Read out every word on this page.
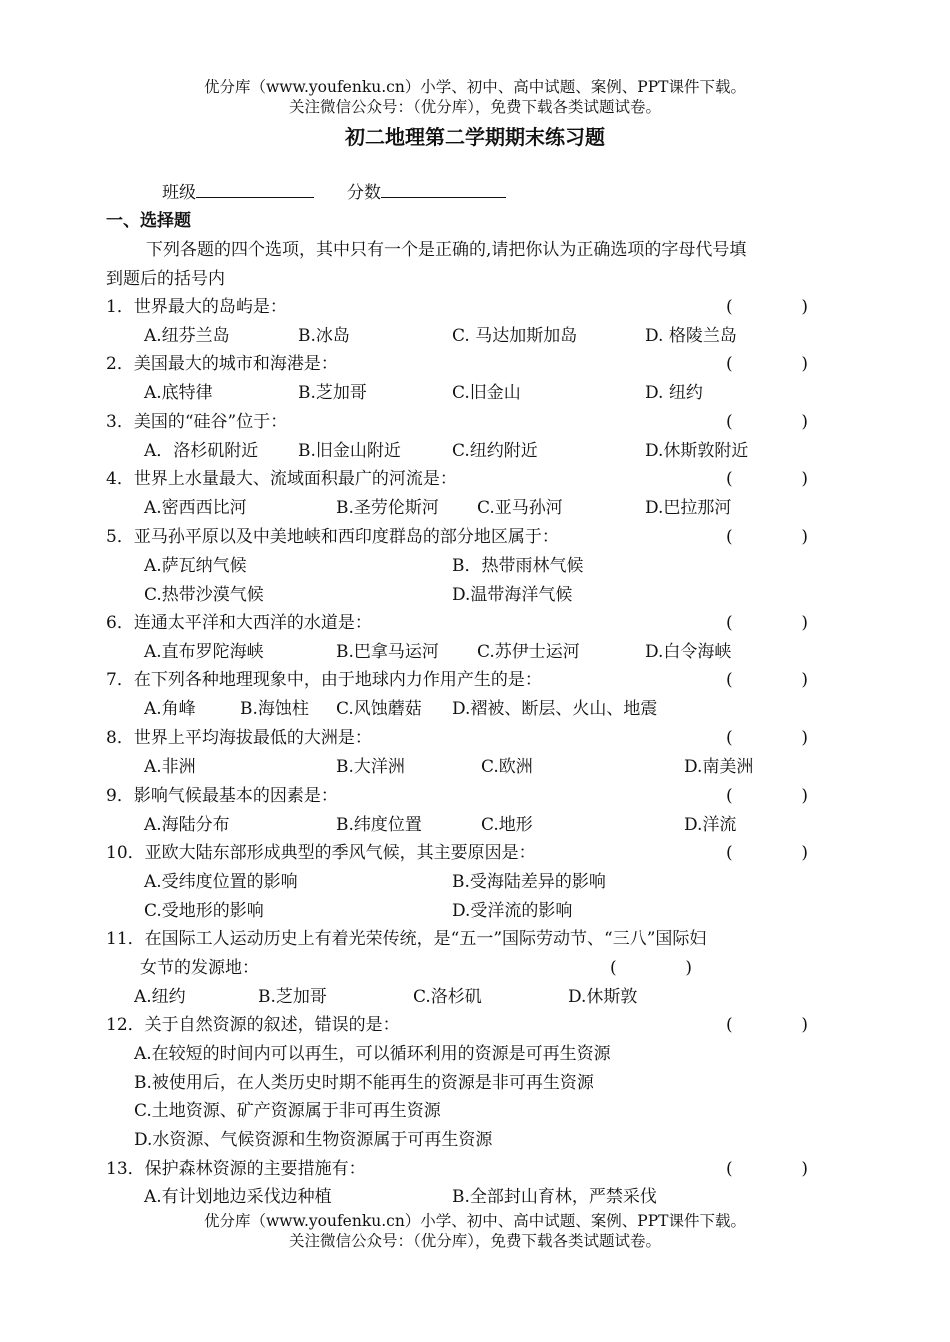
优分库（www.youfenku.cn）小学、初中、高中试题、案例、PPT课件下载。
关注微信公众号：（优分库），免费下载各类试题试卷。
初二地理第二学期期末练习题
班级	分数
一、选择题
下列各题的四个选项，其中只有一个是正确的,请把你认为正确选项的字母代号填
到题后的括号内
1．世界最大的岛屿是：	(	)
A.纽芬兰岛	B.冰岛	C. 马达加斯加岛	D. 格陵兰岛
2．美国最大的城市和海港是：	(	)
A.底特律	B.芝加哥	C.旧金山	D. 纽约
3．美国的“硅谷”位于：	(	)
A．洛杉矶附近 B.旧金山附近	C.纽约附近	D.休斯敦附近
4．世界上水量最大、流域面积最广的河流是：	(	)
A.密西西比河	B.圣劳伦斯河 C.亚马孙河	D.巴拉那河
5．亚马孙平原以及中美地峡和西印度群岛的部分地区属于：	(	)
A.萨瓦纳气候	B．热带雨林气候
C.热带沙漠气候	D.温带海洋气候
6．连通太平洋和大西洋的水道是：	(	)
A.直布罗陀海峡	B.巴拿马运河 C.苏伊士运河	D.白令海峡
7．在下列各种地理现象中，由于地球内力作用产生的是：	(	)
A.角峰	B.海蚀柱 C.风蚀蘑菇 D.褶被、断层、火山、地震
8．世界上平均海拔最低的大洲是：	(	)
A.非洲	B.大洋洲	C.欧洲	D.南美洲
9．影响气候最基本的因素是：	(	)
A.海陆分布	B.纬度位置	C.地形	D.洋流
10．亚欧大陆东部形成典型的季风气候，其主要原因是：	(	)
A.受纬度位置的影响	B.受海陆差异的影响
C.受地形的影响	D.受洋流的影响
11．在国际工人运动历史上有着光荣传统，是“五一”国际劳动节、“三八”国际妇
女节的发源地：	(	)
A.纽约	B.芝加哥	C.洛杉矶	D.休斯敦
12．关于自然资源的叙述，错误的是：	(	)
A.在较短的时间内可以再生，可以循环利用的资源是可再生资源
B.被使用后，在人类历史时期不能再生的资源是非可再生资源
C.土地资源、矿产资源属于非可再生资源
D.水资源、气候资源和生物资源属于可再生资源
13．保护森林资源的主要措施有：	(	)
A.有计划地边采伐边种植	B.全部封山育林，严禁采伐
优分库（www.youfenku.cn）小学、初中、高中试题、案例、PPT课件下载。
关注微信公众号：（优分库），免费下载各类试题试卷。
